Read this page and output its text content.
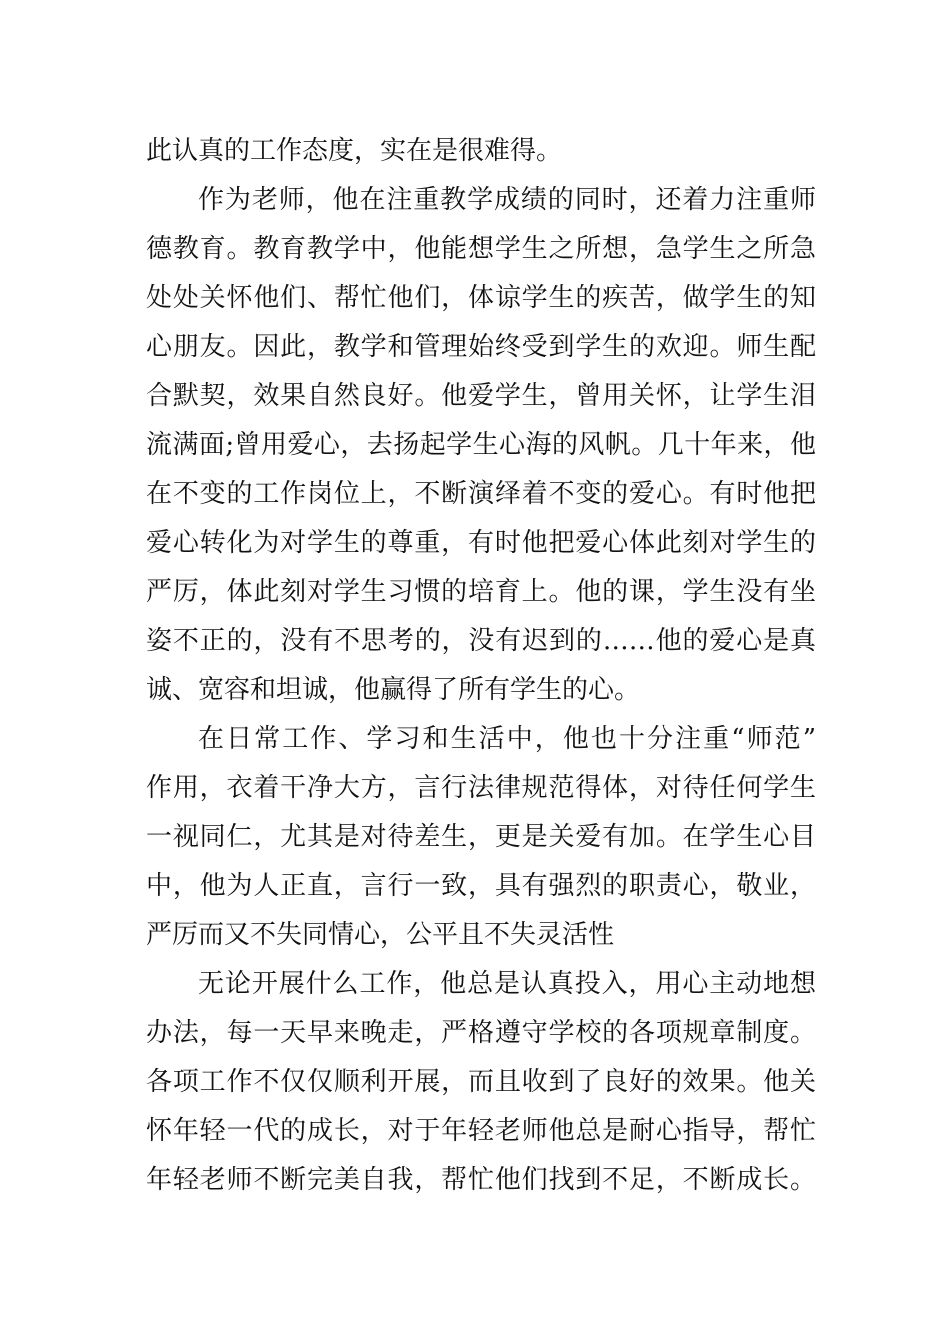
此认真的工作态度，实在是很难得。
作为老师，他在注重教学成绩的同时，还着力注重师
德教育。教育教学中，他能想学生之所想，急学生之所急
处处关怀他们、帮忙他们，体谅学生的疾苦，做学生的知
心朋友。因此，教学和管理始终受到学生的欢迎。师生配
合默契，效果自然良好。他爱学生，曾用关怀，让学生泪
流满面;曾用爱心，去扬起学生心海的风帆。几十年来，他
在不变的工作岗位上，不断演绎着不变的爱心。有时他把
爱心转化为对学生的尊重，有时他把爱心体此刻对学生的
严厉，体此刻对学生习惯的培育上。他的课，学生没有坐
姿不正的，没有不思考的，没有迟到的……他的爱心是真
诚、宽容和坦诚，他赢得了所有学生的心。
在日常工作、学习和生活中，他也十分注重“师范”
作用，衣着干净大方，言行法律规范得体，对待任何学生
一视同仁，尤其是对待差生，更是关爱有加。在学生心目
中，他为人正直，言行一致，具有强烈的职责心，敬业，
严厉而又不失同情心，公平且不失灵活性
无论开展什么工作，他总是认真投入，用心主动地想
办法，每一天早来晚走，严格遵守学校的各项规章制度。
各项工作不仅仅顺利开展，而且收到了良好的效果。他关
怀年轻一代的成长，对于年轻老师他总是耐心指导，帮忙
年轻老师不断完美自我，帮忙他们找到不足，不断成长。
